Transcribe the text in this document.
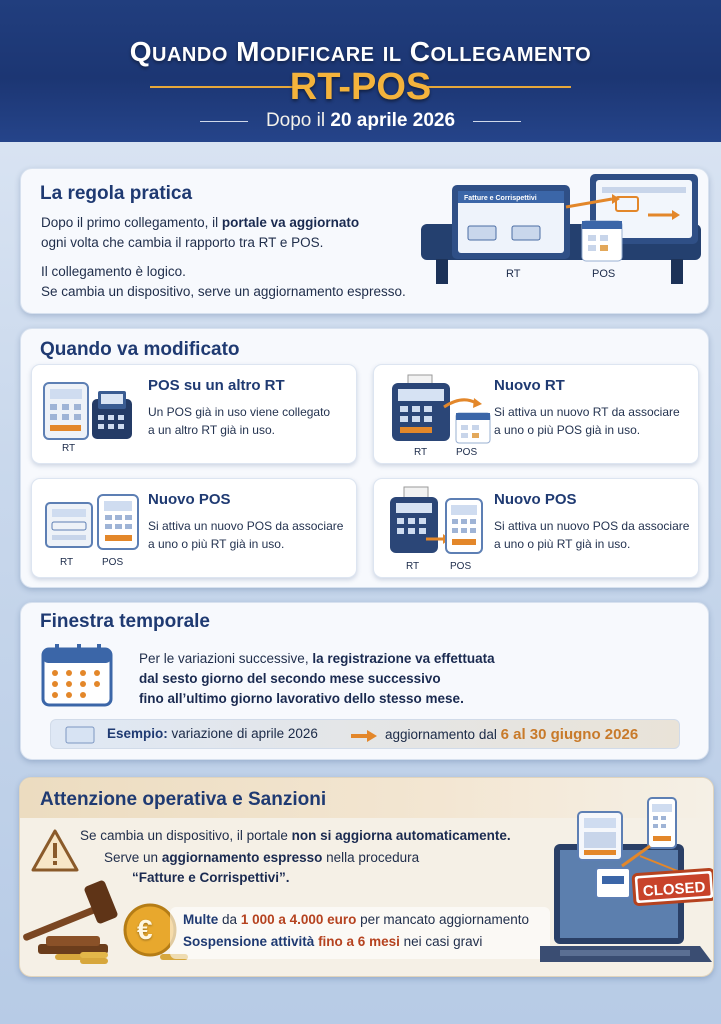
Quando Modificare il Collegamento
RT-POS
Dopo il 20 aprile 2026
La regola pratica
Dopo il primo collegamento, il portale va aggiornato
ogni volta che cambia il rapporto tra RT e POS.
Il collegamento è logico.
Se cambia un dispositivo, serve un aggiornamento espresso.
Fatture e Corrispettivi
RT	POS
Quando va modificato
RT
POS su un altro RT
Un POS già in uso viene collegato
a un altro RT già in uso.
RT	POS
Nuovo RT
Si attiva un nuovo RT da associare
a uno o più POS già in uso.
RT	POS
Nuovo POS
Si attiva un nuovo POS da associare
a uno o più RT già in uso.
RT	POS
Nuovo POS
Si attiva un nuovo POS da associare
a uno o più RT già in uso.
Finestra temporale
Per le variazioni successive, la registrazione va effettuata
dal sesto giorno del secondo mese successivo
fino all’ultimo giorno lavorativo dello stesso mese.
Esempio: variazione di aprile 2026	aggiornamento dal 6 al 30 giugno 2026
Attenzione operativa e Sanzioni
Se cambia un dispositivo, il portale non si aggiorna automaticamente.
Serve un aggiornamento espresso nella procedura
“Fatture e Corrispettivi”.
€ Multe da 1 000 a 4.000 euro per mancato aggiornamento
Sospensione attività fino a 6 mesi nei casi gravi
CLOSED
